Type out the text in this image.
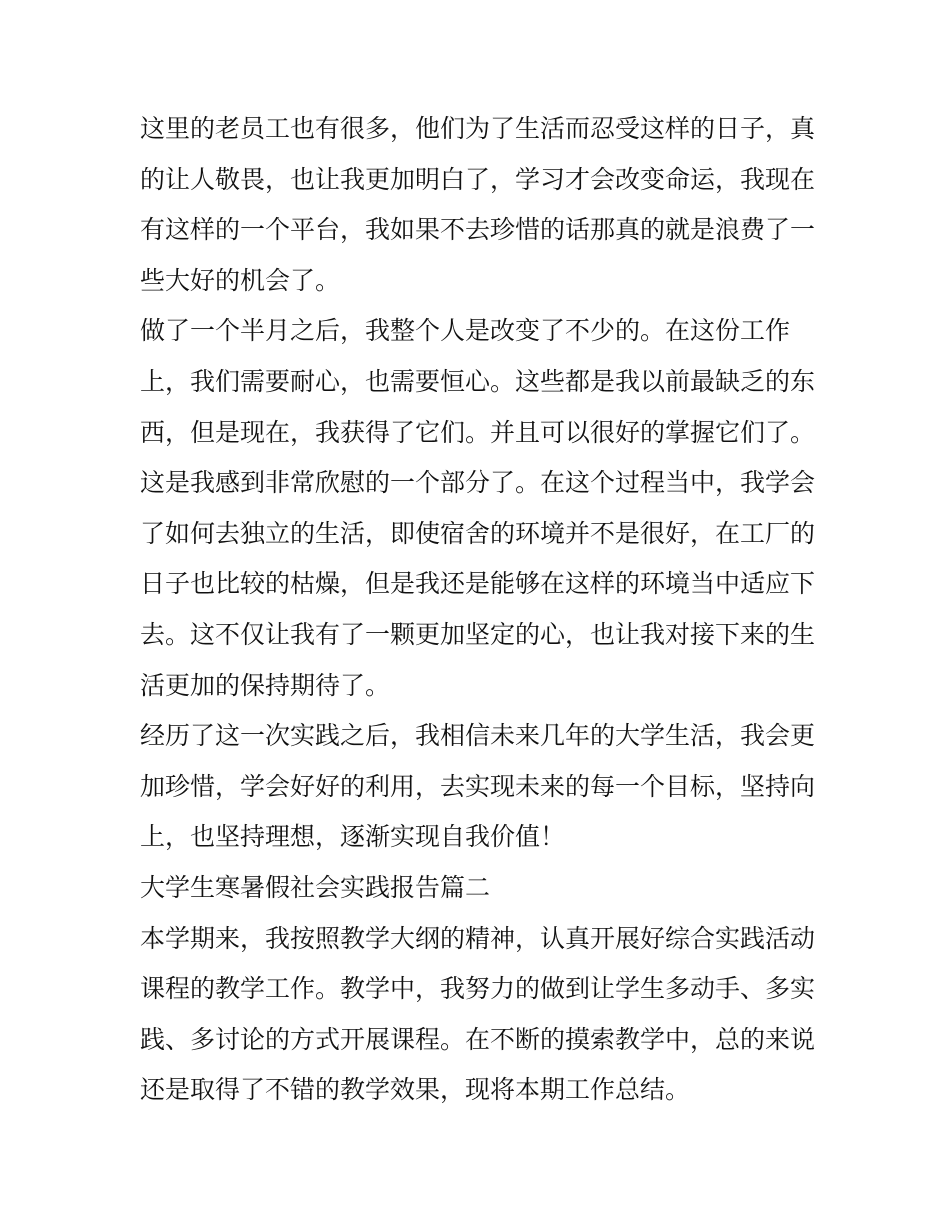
这里的老员工也有很多，他们为了生活而忍受这样的日子，真
的让人敬畏，也让我更加明白了，学习才会改变命运，我现在
有这样的一个平台，我如果不去珍惜的话那真的就是浪费了一
些大好的机会了。
做了一个半月之后，我整个人是改变了不少的。在这份工作
上，我们需要耐心，也需要恒心。这些都是我以前最缺乏的东
西，但是现在，我获得了它们。并且可以很好的掌握它们了。
这是我感到非常欣慰的一个部分了。在这个过程当中，我学会
了如何去独立的生活，即使宿舍的环境并不是很好，在工厂的
日子也比较的枯燥，但是我还是能够在这样的环境当中适应下
去。这不仅让我有了一颗更加坚定的心，也让我对接下来的生
活更加的保持期待了。
经历了这一次实践之后，我相信未来几年的大学生活，我会更
加珍惜，学会好好的利用，去实现未来的每一个目标，坚持向
上，也坚持理想，逐渐实现自我价值！
大学生寒暑假社会实践报告篇二
本学期来，我按照教学大纲的精神，认真开展好综合实践活动
课程的教学工作。教学中，我努力的做到让学生多动手、多实
践、多讨论的方式开展课程。在不断的摸索教学中，总的来说
还是取得了不错的教学效果，现将本期工作总结。
